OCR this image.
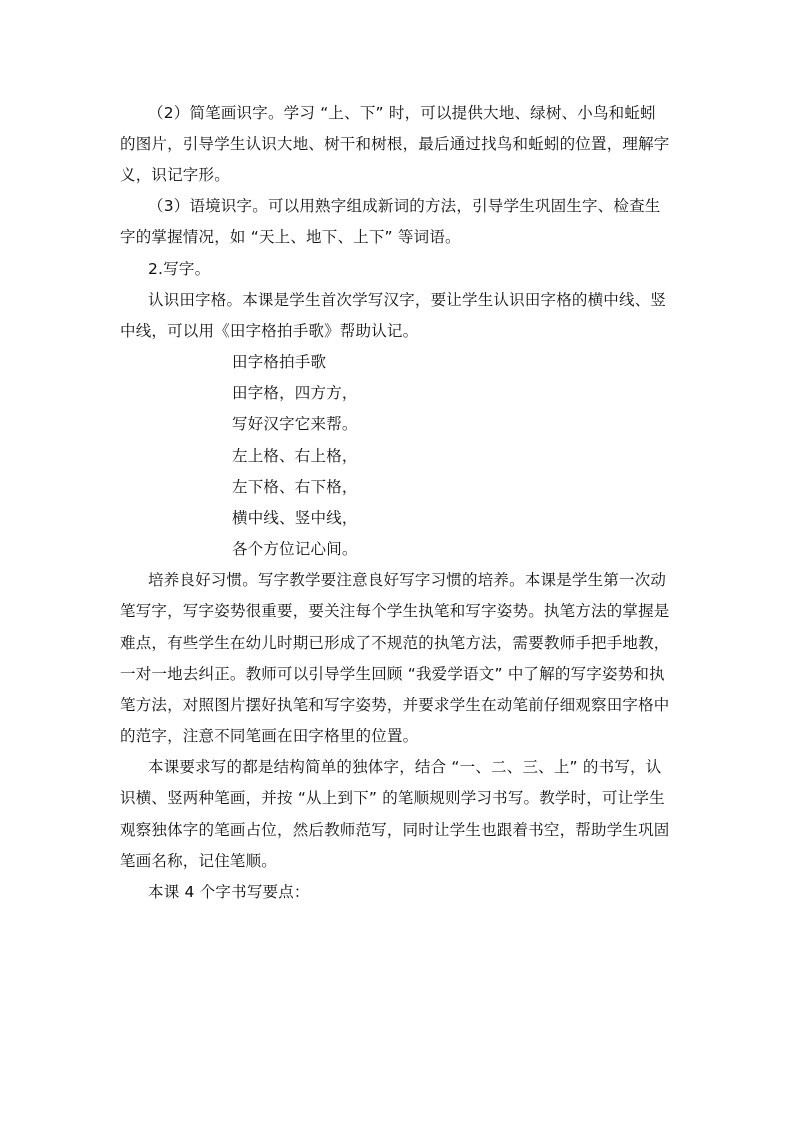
（2）简笔画识字。学习 “上、下” 时，可以提供大地、绿树、小鸟和蚯蚓
的图片，引导学生认识大地、树干和树根，最后通过找鸟和蚯蚓的位置，理解字
义，识记字形。
（3）语境识字。可以用熟字组成新词的方法，引导学生巩固生字、检查生
字的掌握情况，如 “天上、地下、上下” 等词语。
2.写字。
认识田字格。本课是学生首次学写汉字，要让学生认识田字格的横中线、竖
中线，可以用《田字格拍手歌》帮助认记。
田字格拍手歌
田字格，四方方，
写好汉字它来帮。
左上格、右上格，
左下格、右下格，
横中线、竖中线，
各个方位记心间。
培养良好习惯。写字教学要注意良好写字习惯的培养。本课是学生第一次动
笔写字，写字姿势很重要，要关注每个学生执笔和写字姿势。执笔方法的掌握是
难点，有些学生在幼儿时期已形成了不规范的执笔方法，需要教师手把手地教，
一对一地去纠正。教师可以引导学生回顾 “我爱学语文” 中了解的写字姿势和执
笔方法，对照图片摆好执笔和写字姿势，并要求学生在动笔前仔细观察田字格中
的范字，注意不同笔画在田字格里的位置。
本课要求写的都是结构简单的独体字，结合 “一、二、三、上” 的书写，认
识横、竖两种笔画，并按 “从上到下” 的笔顺规则学习书写。教学时，可让学生
观察独体字的笔画占位，然后教师范写，同时让学生也跟着书空，帮助学生巩固
笔画名称，记住笔顺。
本课 4 个字书写要点：
